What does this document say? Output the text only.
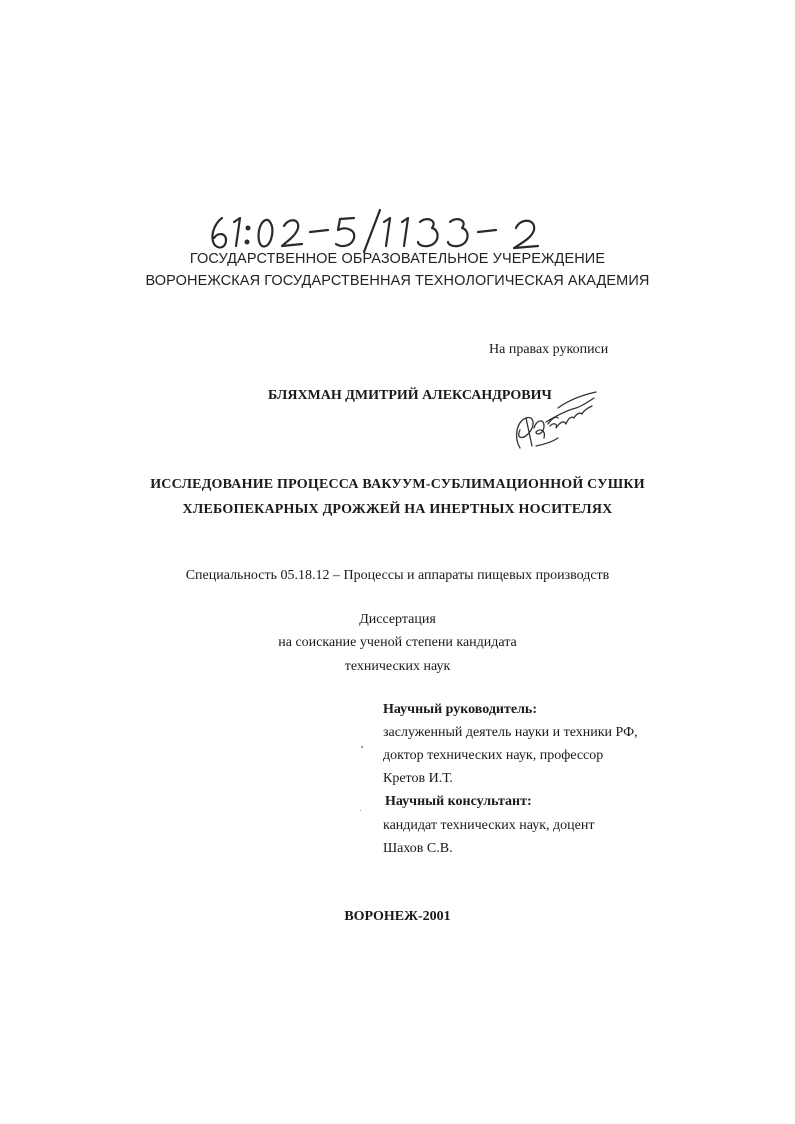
ГОСУДАРСТВЕННОЕ ОБРАЗОВАТЕЛЬНОЕ УЧЕРЕЖДЕНИЕ
ВОРОНЕЖСКАЯ ГОСУДАРСТВЕННАЯ ТЕХНОЛОГИЧЕСКАЯ АКАДЕМИЯ
На правах рукописи
БЛЯХМАН ДМИТРИЙ АЛЕКСАНДРОВИЧ
ИССЛЕДОВАНИЕ ПРОЦЕССА ВАКУУМ-СУБЛИМАЦИОННОЙ СУШКИ
ХЛЕБОПЕКАРНЫХ ДРОЖЖЕЙ НА ИНЕРТНЫХ НОСИТЕЛЯХ
Специальность 05.18.12 – Процессы и аппараты пищевых производств
Диссертация
на соискание ученой степени кандидата
технических наук
Научный руководитель:
заслуженный деятель науки и техники РФ,
доктор технических наук, профессор
Кретов И.Т.
Научный консультант:
кандидат технических наук, доцент
Шахов С.В.
ВОРОНЕЖ-2001
